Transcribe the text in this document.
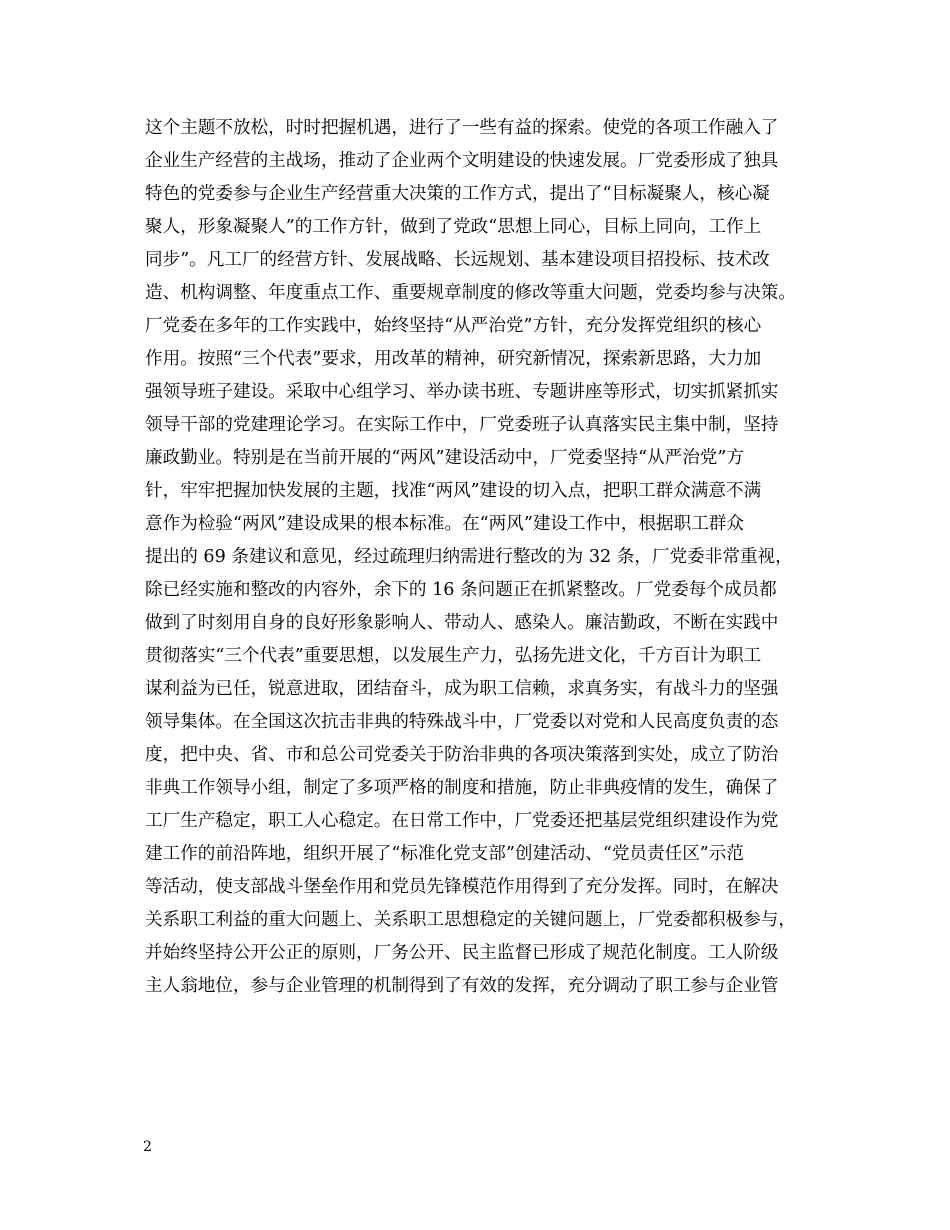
这个主题不放松，时时把握机遇，进行了一些有益的探索。使党的各项工作融入了
企业生产经营的主战场，推动了企业两个文明建设的快速发展。厂党委形成了独具
特色的党委参与企业生产经营重大决策的工作方式，提出了“目标凝聚人，核心凝
聚人，形象凝聚人”的工作方针，做到了党政“思想上同心，目标上同向，工作上
同步”。凡工厂的经营方针、发展战略、长远规划、基本建设项目招投标、技术改
造、机构调整、年度重点工作、重要规章制度的修改等重大问题，党委均参与决策。
厂党委在多年的工作实践中，始终坚持“从严治党”方针，充分发挥党组织的核心
作用。按照“三个代表”要求，用改革的精神，研究新情况，探索新思路，大力加
强领导班子建设。采取中心组学习、举办读书班、专题讲座等形式，切实抓紧抓实
领导干部的党建理论学习。在实际工作中，厂党委班子认真落实民主集中制，坚持
廉政勤业。特别是在当前开展的“两风”建设活动中，厂党委坚持“从严治党”方
针，牢牢把握加快发展的主题，找准“两风”建设的切入点，把职工群众满意不满
意作为检验“两风”建设成果的根本标准。在“两风”建设工作中，根据职工群众
提出的 69 条建议和意见，经过疏理归纳需进行整改的为 32 条，厂党委非常重视，
除已经实施和整改的内容外，余下的 16 条问题正在抓紧整改。厂党委每个成员都
做到了时刻用自身的良好形象影响人、带动人、感染人。廉洁勤政，不断在实践中
贯彻落实“三个代表”重要思想，以发展生产力，弘扬先进文化，千方百计为职工
谋利益为已任，锐意进取，团结奋斗，成为职工信赖，求真务实，有战斗力的坚强
领导集体。在全国这次抗击非典的特殊战斗中，厂党委以对党和人民高度负责的态
度，把中央、省、市和总公司党委关于防治非典的各项决策落到实处，成立了防治
非典工作领导小组，制定了多项严格的制度和措施，防止非典疫情的发生，确保了
工厂生产稳定，职工人心稳定。在日常工作中，厂党委还把基层党组织建设作为党
建工作的前沿阵地，组织开展了“标准化党支部”创建活动、“党员责任区”示范
等活动，使支部战斗堡垒作用和党员先锋模范作用得到了充分发挥。同时，在解决
关系职工利益的重大问题上、关系职工思想稳定的关键问题上，厂党委都积极参与，
并始终坚持公开公正的原则，厂务公开、民主监督已形成了规范化制度。工人阶级
主人翁地位，参与企业管理的机制得到了有效的发挥，充分调动了职工参与企业管
2
